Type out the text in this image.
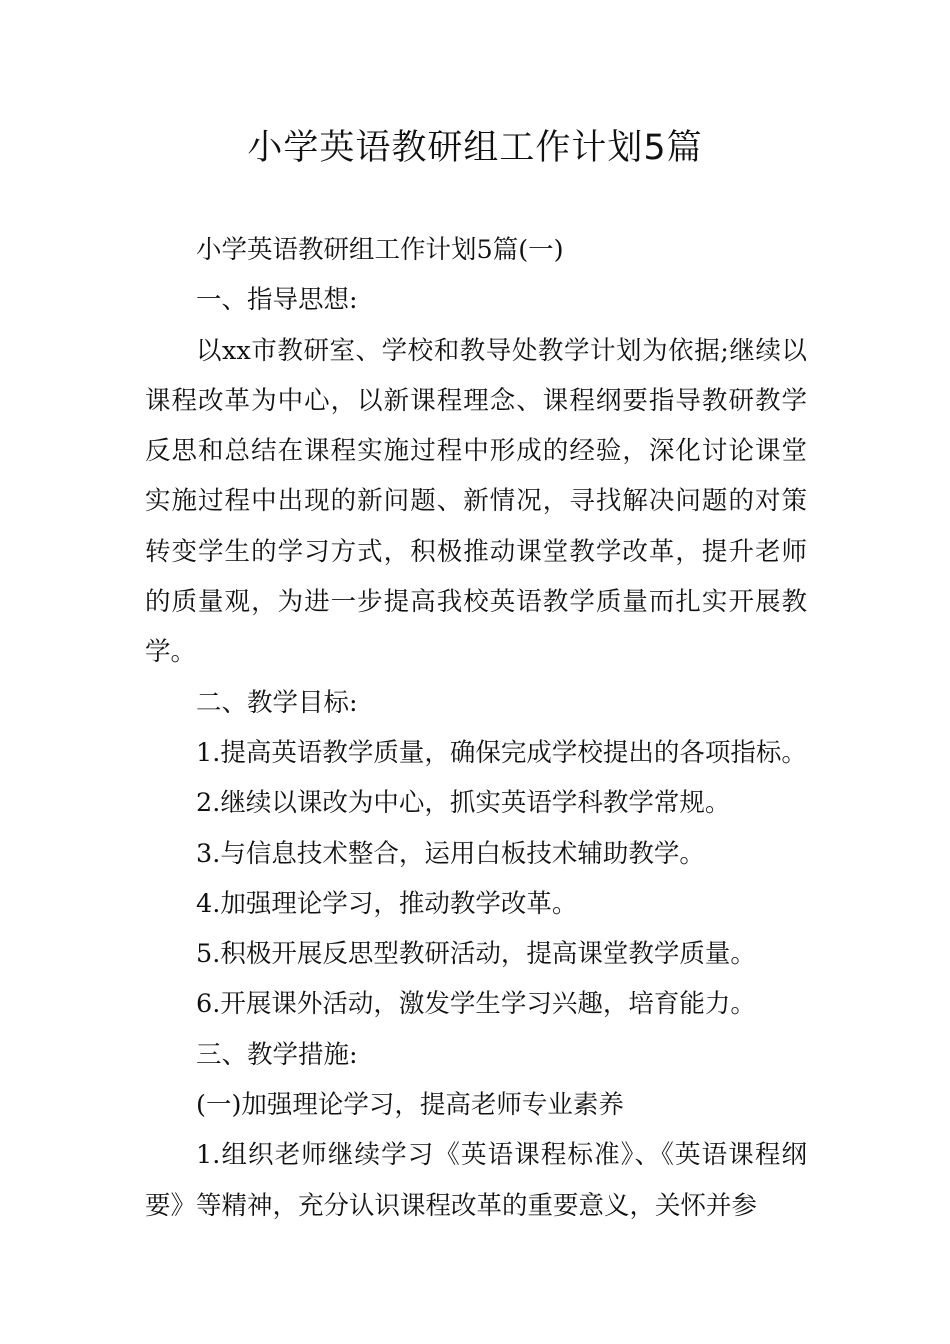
小学英语教研组工作计划5篇

小学英语教研组工作计划5篇(一)

一、指导思想:

以xx市教研室、学校和教导处教学计划为依据;继续以课程改革为中心，以新课程理念、课程纲要指导教研教学反思和总结在课程实施过程中形成的经验，深化讨论课堂实施过程中出现的新问题、新情况，寻找解决问题的对策转变学生的学习方式，积极推动课堂教学改革，提升老师的质量观，为进一步提高我校英语教学质量而扎实开展教学。

二、教学目标:

1.提高英语教学质量，确保完成学校提出的各项指标。

2.继续以课改为中心，抓实英语学科教学常规。

3.与信息技术整合，运用白板技术辅助教学。

4.加强理论学习，推动教学改革。

5.积极开展反思型教研活动，提高课堂教学质量。

6.开展课外活动，激发学生学习兴趣，培育能力。

三、教学措施:

(一)加强理论学习，提高老师专业素养

1.组织老师继续学习《英语课程标准》、《英语课程纲要》等精神，充分认识课程改革的重要意义，关怀并参
